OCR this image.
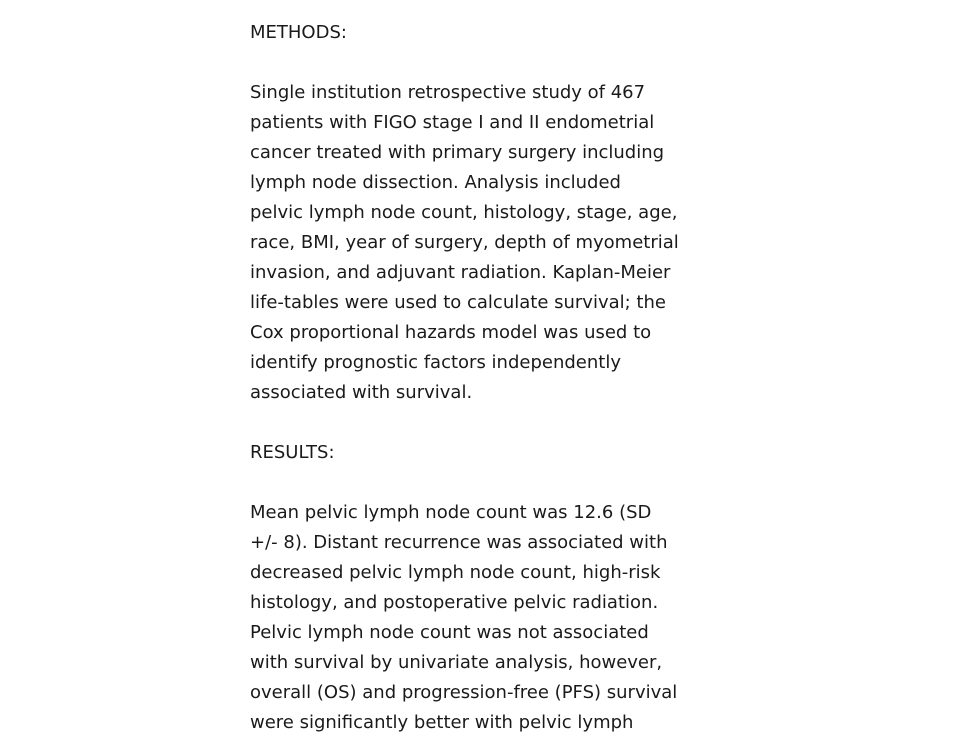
METHODS:
Single institution retrospective study of 467
patients with FIGO stage I and II endometrial
cancer treated with primary surgery including
lymph node dissection. Analysis included
pelvic lymph node count, histology, stage, age,
race, BMI, year of surgery, depth of myometrial
invasion, and adjuvant radiation. Kaplan-Meier
life-tables were used to calculate survival; the
Cox proportional hazards model was used to
identify prognostic factors independently
associated with survival.
RESULTS:
Mean pelvic lymph node count was 12.6 (SD
+/- 8). Distant recurrence was associated with
decreased pelvic lymph node count, high-risk
histology, and postoperative pelvic radiation.
Pelvic lymph node count was not associated
with survival by univariate analysis, however,
overall (OS) and progression-free (PFS) survival
were significantly better with pelvic lymph
